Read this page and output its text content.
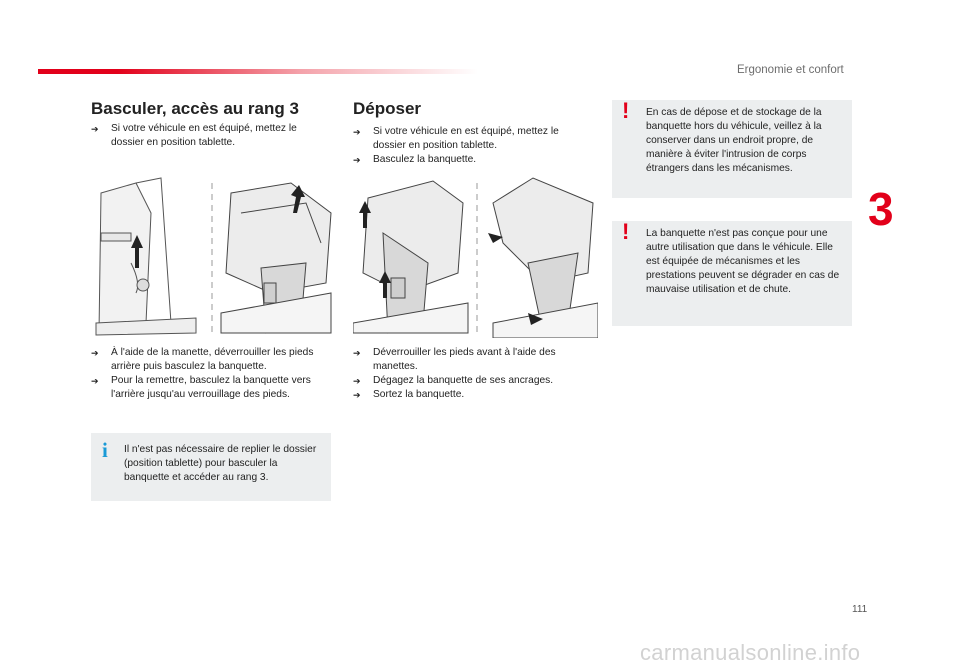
Ergonomie et confort
3
Basculer, accès au rang 3
➔ Si votre véhicule en est équipé, mettez le dossier en position tablette.
➔ À l'aide de la manette, déverrouiller les pieds arrière puis basculez la banquette.
➔ Pour la remettre, basculez la banquette vers l'arrière jusqu'au verrouillage des pieds.
i Il n'est pas nécessaire de replier le dossier (position tablette) pour basculer la banquette et accéder au rang 3.
Déposer
➔ Si votre véhicule en est équipé, mettez le dossier en position tablette.
➔ Basculez la banquette.
➔ Déverrouiller les pieds avant à l'aide des manettes.
➔ Dégagez la banquette de ses ancrages.
➔ Sortez la banquette.
! En cas de dépose et de stockage de la banquette hors du véhicule, veillez à la conserver dans un endroit propre, de manière à éviter l'intrusion de corps étrangers dans les mécanismes.
! La banquette n'est pas conçue pour une autre utilisation que dans le véhicule. Elle est équipée de mécanismes et les prestations peuvent se dégrader en cas de mauvaise utilisation et de chute.
111
carmanualsonline.info
